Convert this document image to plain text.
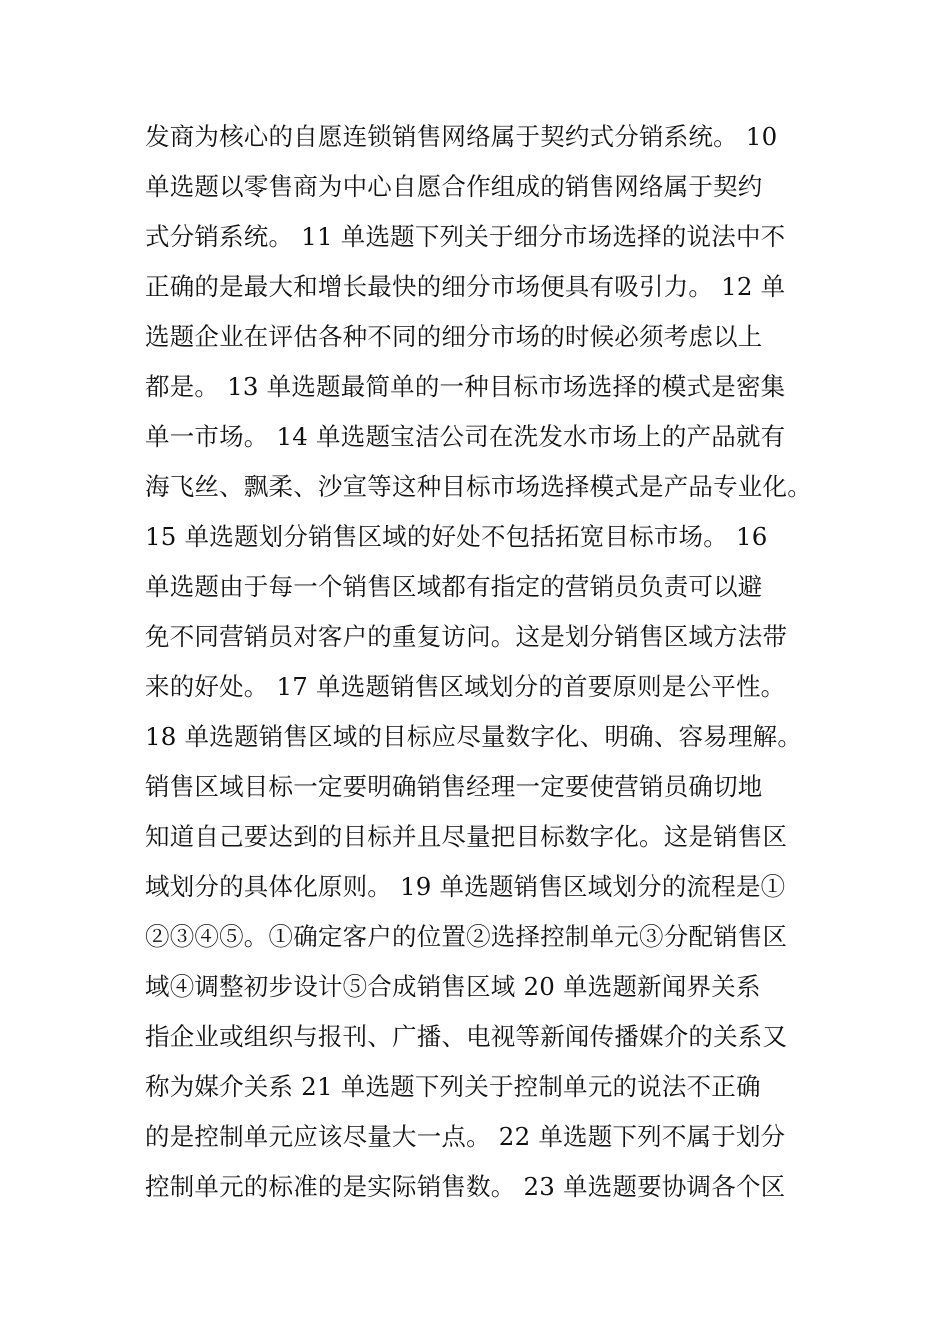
发商为核心的自愿连锁销售网络属于契约式分销系统。 10
单选题以零售商为中心自愿合作组成的销售网络属于契约
式分销系统。 11 单选题下列关于细分市场选择的说法中不
正确的是最大和增长最快的细分市场便具有吸引力。 12 单
选题企业在评估各种不同的细分市场的时候必须考虑以上
都是。 13 单选题最简单的一种目标市场选择的模式是密集
单一市场。 14 单选题宝洁公司在洗发水市场上的产品就有
海飞丝、飘柔、沙宣等这种目标市场选择模式是产品专业化。
15 单选题划分销售区域的好处不包括拓宽目标市场。 16
单选题由于每一个销售区域都有指定的营销员负责可以避
免不同营销员对客户的重复访问。这是划分销售区域方法带
来的好处。 17 单选题销售区域划分的首要原则是公平性。
18 单选题销售区域的目标应尽量数字化、明确、容易理解。
销售区域目标一定要明确销售经理一定要使营销员确切地
知道自己要达到的目标并且尽量把目标数字化。这是销售区
域划分的具体化原则。 19 单选题销售区域划分的流程是①
②③④⑤。①确定客户的位置②选择控制单元③分配销售区
域④调整初步设计⑤合成销售区域 20 单选题新闻界关系
指企业或组织与报刊、广播、电视等新闻传播媒介的关系又
称为媒介关系 21 单选题下列关于控制单元的说法不正确
的是控制单元应该尽量大一点。 22 单选题下列不属于划分
控制单元的标准的是实际销售数。 23 单选题要协调各个区
